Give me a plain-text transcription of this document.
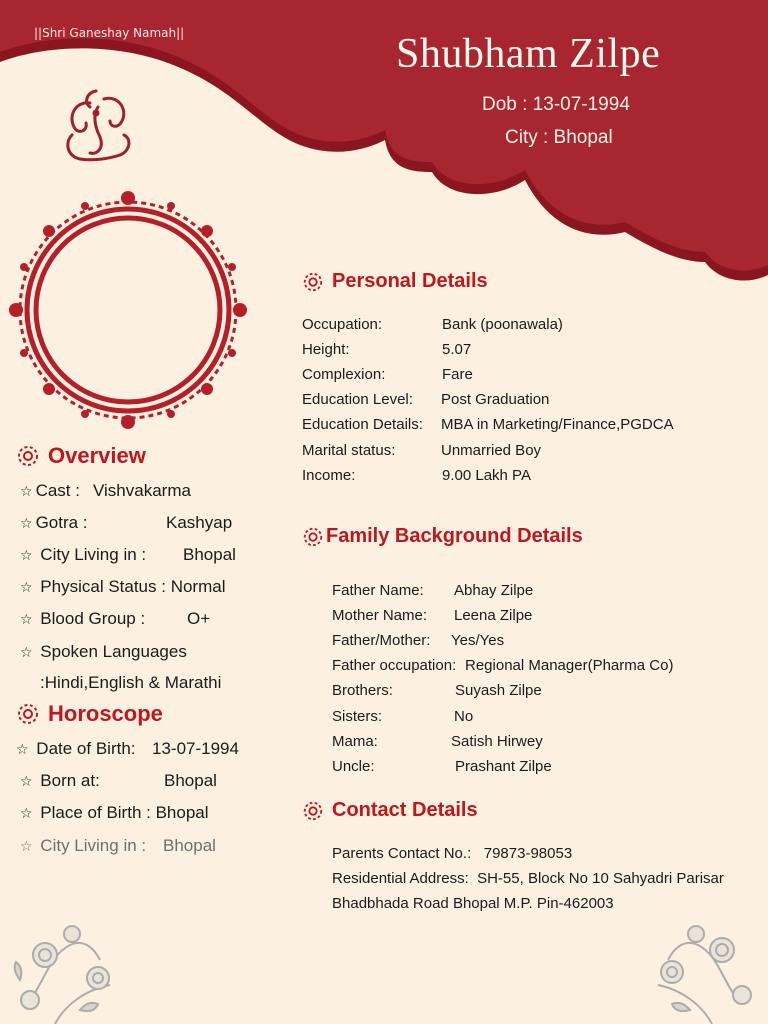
||Shri Ganeshay Namah||	Shubham Zilpe
Dob : 13-07-1994
City : Bhopal
Overview
☆ Cast : Vishvakarma
☆ Gotra :	Kashyap
☆ City Living in : Bhopal
☆ Physical Status : Normal
☆ Blood Group : O+
☆ Spoken Languages
:Hindi,English & Marathi
Horoscope
☆ Date of Birth: 13-07-1994
☆ Born at:	Bhopal
☆ Place of Birth : Bhopal
☆ City Living in : Bhopal
Personal Details
Occupation:	Bank (poonawala)
Height:	5.07
Complexion:	Fare
Education Level: Post Graduation
Education Details: MBA in Marketing/Finance,PGDCA
Marital status:	Unmarried Boy
Income:	9.00 Lakh PA
Family Background Details
Father Name: Abhay Zilpe
Mother Name: Leena Zilpe
Father/Mother: Yes/Yes
Father occupation: Regional Manager(Pharma Co)
Brothers:	Suyash Zilpe
Sisters:	No
Mama:	Satish Hirwey
Uncle:	Prashant Zilpe
Contact Details
Parents Contact No.: 79873-98053
Residential Address: SH-55, Block No 10 Sahyadri Parisar
Bhadbhada Road Bhopal M.P. Pin-462003
